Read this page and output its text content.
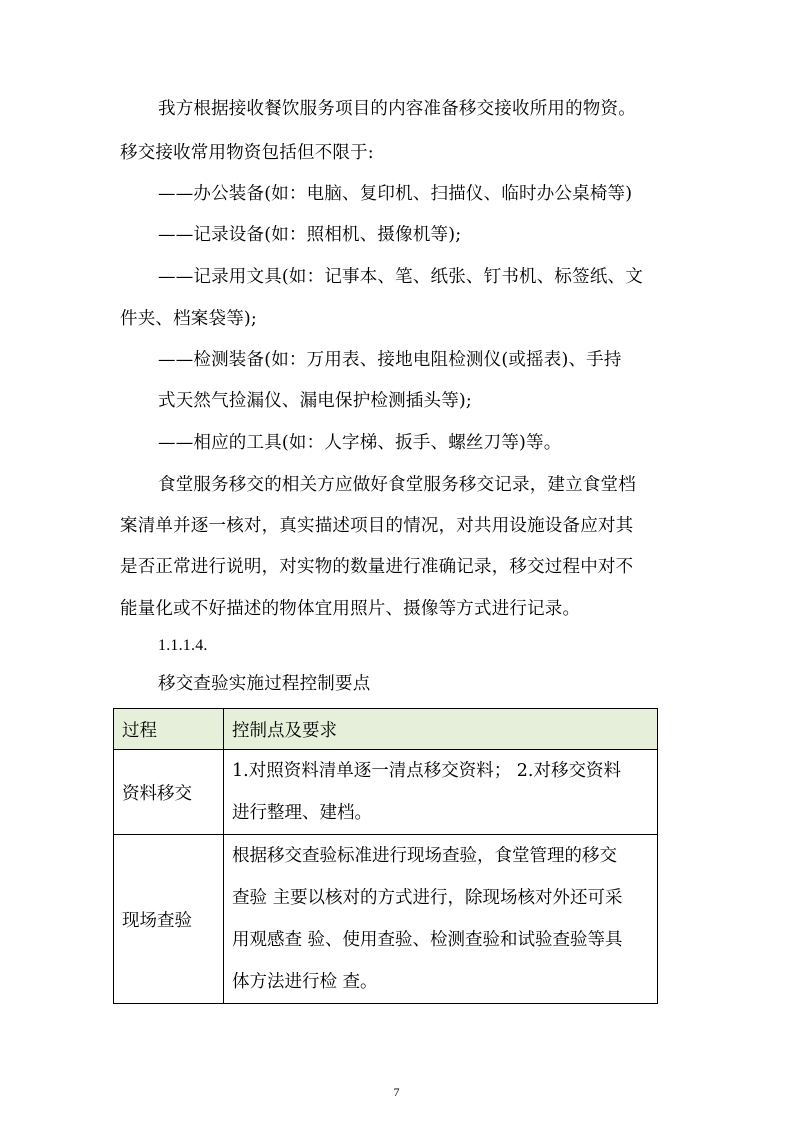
我方根据接收餐饮服务项目的内容准备移交接收所用的物资。
移交接收常用物资包括但不限于:
——办公装备(如：电脑、复印机、扫描仪、临时办公桌椅等)
——记录设备(如：照相机、摄像机等);
——记录用文具(如：记事本、笔、纸张、钉书机、标签纸、文
件夹、档案袋等);
——检测装备(如：万用表、接地电阻检测仪(或摇表)、手持
式天然气捡漏仪、漏电保护检测插头等);
——相应的工具(如：人字梯、扳手、螺丝刀等)等。
食堂服务移交的相关方应做好食堂服务移交记录，建立食堂档
案清单并逐一核对，真实描述项目的情况，对共用设施设备应对其
是否正常进行说明，对实物的数量进行准确记录，移交过程中对不
能量化或不好描述的物体宜用照片、摄像等方式进行记录。
1.1.1.4.
移交查验实施过程控制要点
过程	控制点及要求
资料移交	1.对照资料清单逐一清点移交资料； 2.对移交资料
进行整理、建档。

现场查验	根据移交查验标准进行现场查验，食堂管理的移交
查验 主要以核对的方式进行，除现场核对外还可采
用观感查 验、使用查验、检测查验和试验查验等具
体方法进行检 查。
7
